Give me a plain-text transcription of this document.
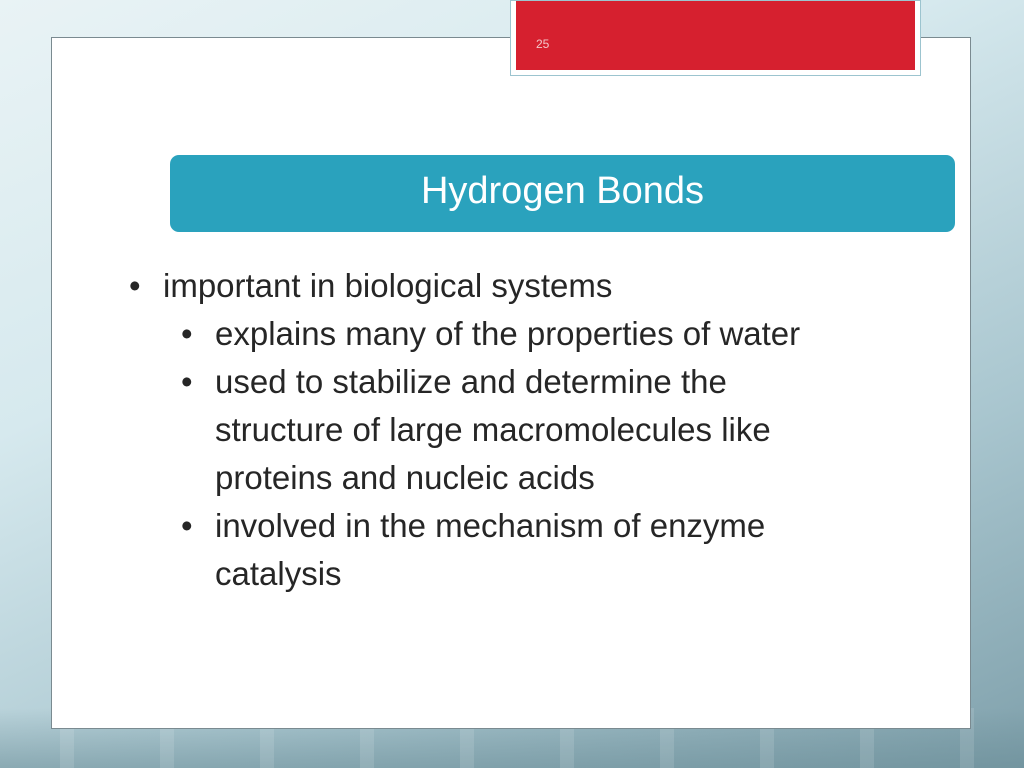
Hydrogen Bonds
• important in biological systems
• explains many of the properties of water
• used to stabilize and determine the structure of large macromolecules like proteins and nucleic acids
• involved in the mechanism of enzyme catalysis
25
